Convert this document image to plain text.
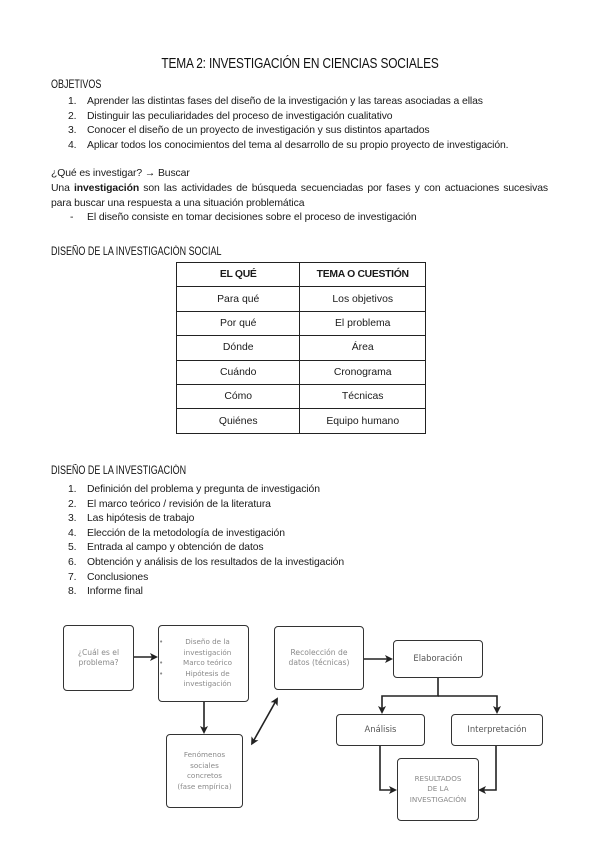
TEMA 2: INVESTIGACIÓN EN CIENCIAS SOCIALES
OBJETIVOS
1. Aprender las distintas fases del diseño de la investigación y las tareas asociadas a ellas
2. Distinguir las peculiaridades del proceso de investigación cualitativo
3. Conocer el diseño de un proyecto de investigación y sus distintos apartados
4. Aplicar todos los conocimientos del tema al desarrollo de su propio proyecto de investigación.
¿Qué es investigar? → Buscar
Una investigación son las actividades de búsqueda secuenciadas por fases y con actuaciones sucesivas para buscar una respuesta a una situación problemática
- El diseño consiste en tomar decisiones sobre el proceso de investigación
DISEÑO DE LA INVESTIGACIÓN SOCIAL
EL QUÉ	TEMA O CUESTIÓN
Para qué	Los objetivos
Por qué	El problema
Dónde	Área
Cuándo	Cronograma
Cómo	Técnicas
Quiénes	Equipo humano
DISEÑO DE LA INVESTIGACIÓN
1. Definición del problema y pregunta de investigación
2. El marco teórico / revisión de la literatura
3. Las hipótesis de trabajo
4. Elección de la metodología de investigación
5. Entrada al campo y obtención de datos
6. Obtención y análisis de los resultados de la investigación
7. Conclusiones
8. Informe final
¿Cuál es el
problema?
• Diseño de la investigación
• Marco teórico
• Hipótesis de investigación
Fenómenos
sociales
concretos
(fase empírica)
Recolección de
datos (técnicas)	Elaboración
Análisis	Interpretación
RESULTADOS
DE LA
INVESTIGACIÓN
